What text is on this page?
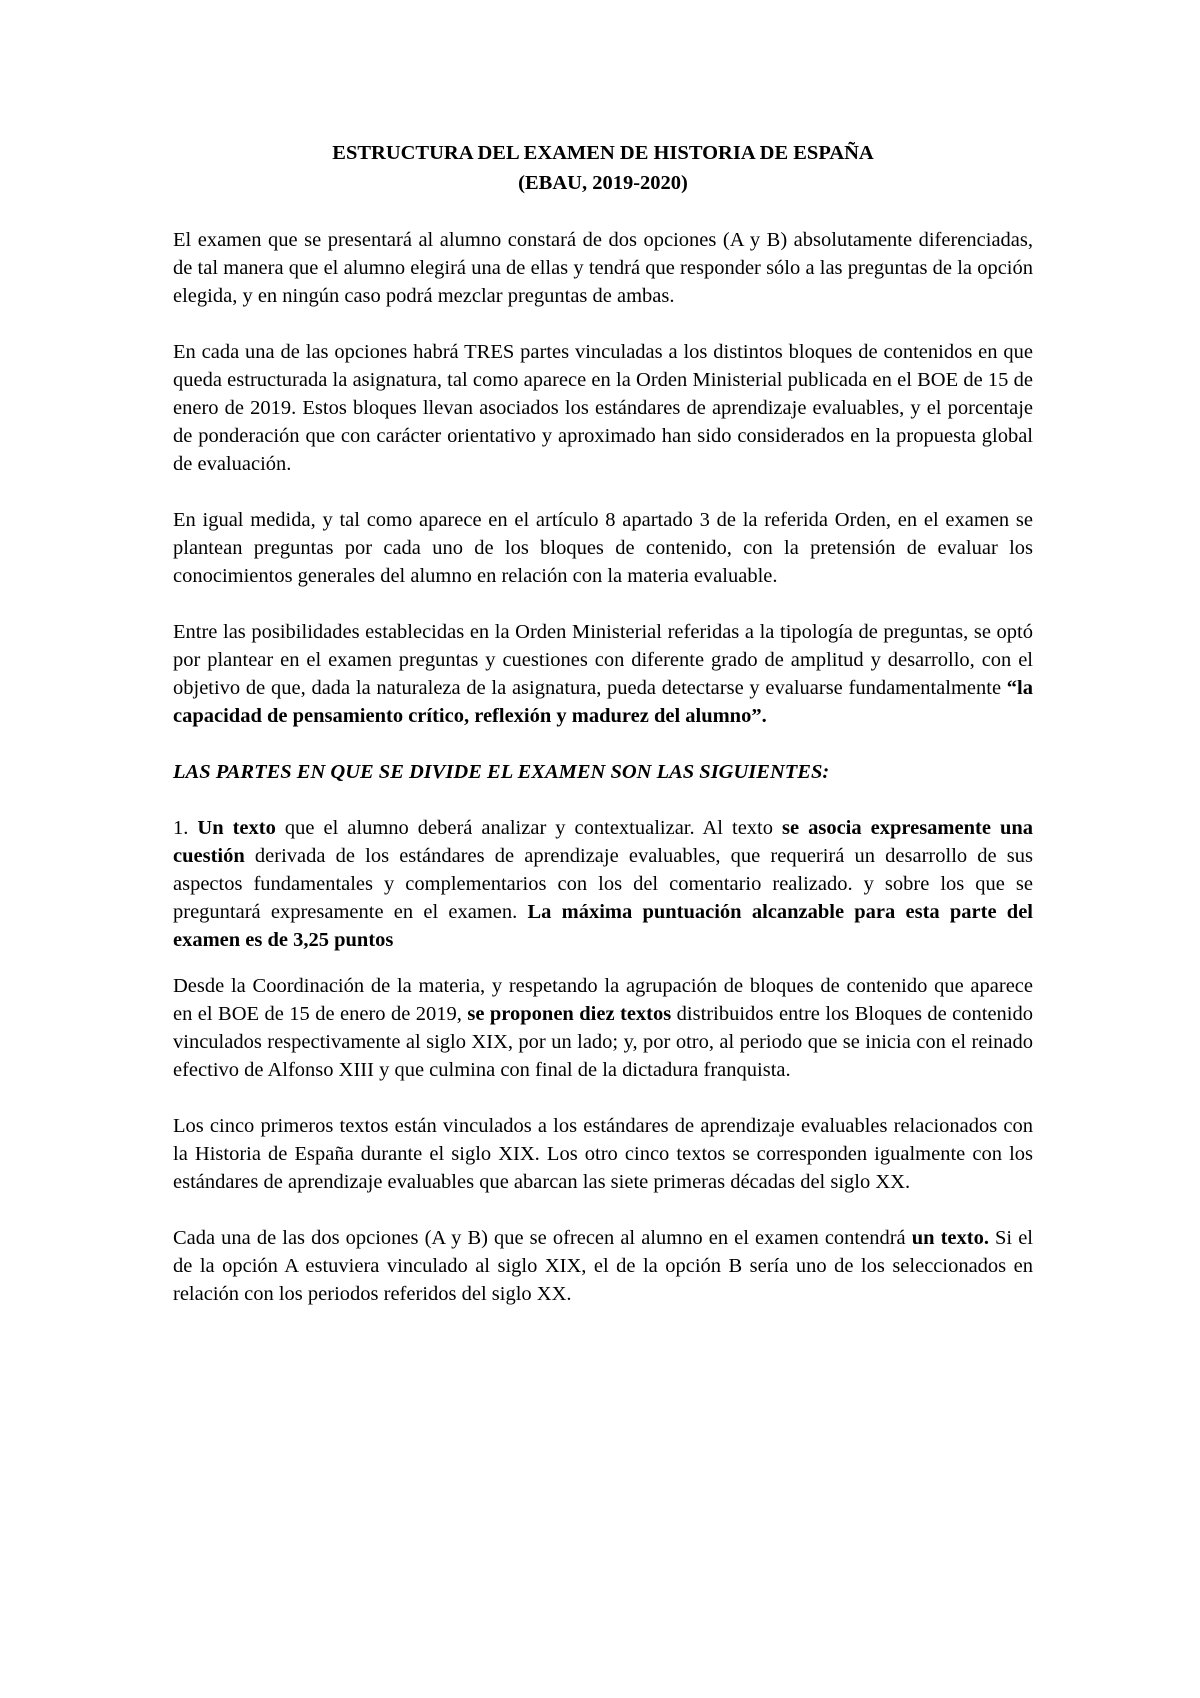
ESTRUCTURA DEL EXAMEN DE HISTORIA DE ESPAÑA

(EBAU, 2019-2020)

El examen que se presentará al alumno constará de dos opciones (A y B) absolutamente diferenciadas, de tal manera que el alumno elegirá una de ellas y tendrá que responder sólo a las preguntas de la opción elegida, y en ningún caso podrá mezclar preguntas de ambas.

En cada una de las opciones habrá TRES partes vinculadas a los distintos bloques de contenidos en que queda estructurada la asignatura, tal como aparece en la Orden Ministerial publicada en el BOE de 15 de enero de 2019. Estos bloques llevan asociados los estándares de aprendizaje evaluables, y el porcentaje de ponderación que con carácter orientativo y aproximado han sido considerados en la propuesta global de evaluación.

En igual medida, y tal como aparece en el artículo 8 apartado 3 de la referida Orden, en el examen se plantean preguntas por cada uno de los bloques de contenido, con la pretensión de evaluar los conocimientos generales del alumno en relación con la materia evaluable.

Entre las posibilidades establecidas en la Orden Ministerial referidas a la tipología de preguntas, se optó por plantear en el examen preguntas y cuestiones con diferente grado de amplitud y desarrollo, con el objetivo de que, dada la naturaleza de la asignatura, pueda detectarse y evaluarse fundamentalmente “la capacidad de pensamiento crítico, reflexión y madurez del alumno”.

LAS PARTES EN QUE SE DIVIDE EL EXAMEN SON LAS SIGUIENTES:

1. Un texto que el alumno deberá analizar y contextualizar. Al texto se asocia expresamente una cuestión derivada de los estándares de aprendizaje evaluables, que requerirá un desarrollo de sus aspectos fundamentales y complementarios con los del comentario realizado. y sobre los que se preguntará expresamente en el examen. La máxima puntuación alcanzable para esta parte del examen es de 3,25 puntos

Desde la Coordinación de la materia, y respetando la agrupación de bloques de contenido que aparece en el BOE de 15 de enero de 2019, se proponen diez textos distribuidos entre los Bloques de contenido vinculados respectivamente al siglo XIX, por un lado; y, por otro, al periodo que se inicia con el reinado efectivo de Alfonso XIII y que culmina con final de la dictadura franquista.

Los cinco primeros textos están vinculados a los estándares de aprendizaje evaluables relacionados con la Historia de España durante el siglo XIX. Los otro cinco textos se corresponden igualmente con los estándares de aprendizaje evaluables que abarcan las siete primeras décadas del siglo XX.

Cada una de las dos opciones (A y B) que se ofrecen al alumno en el examen contendrá un texto. Si el de la opción A estuviera vinculado al siglo XIX, el de la opción B sería uno de los seleccionados en relación con los periodos referidos del siglo XX.
